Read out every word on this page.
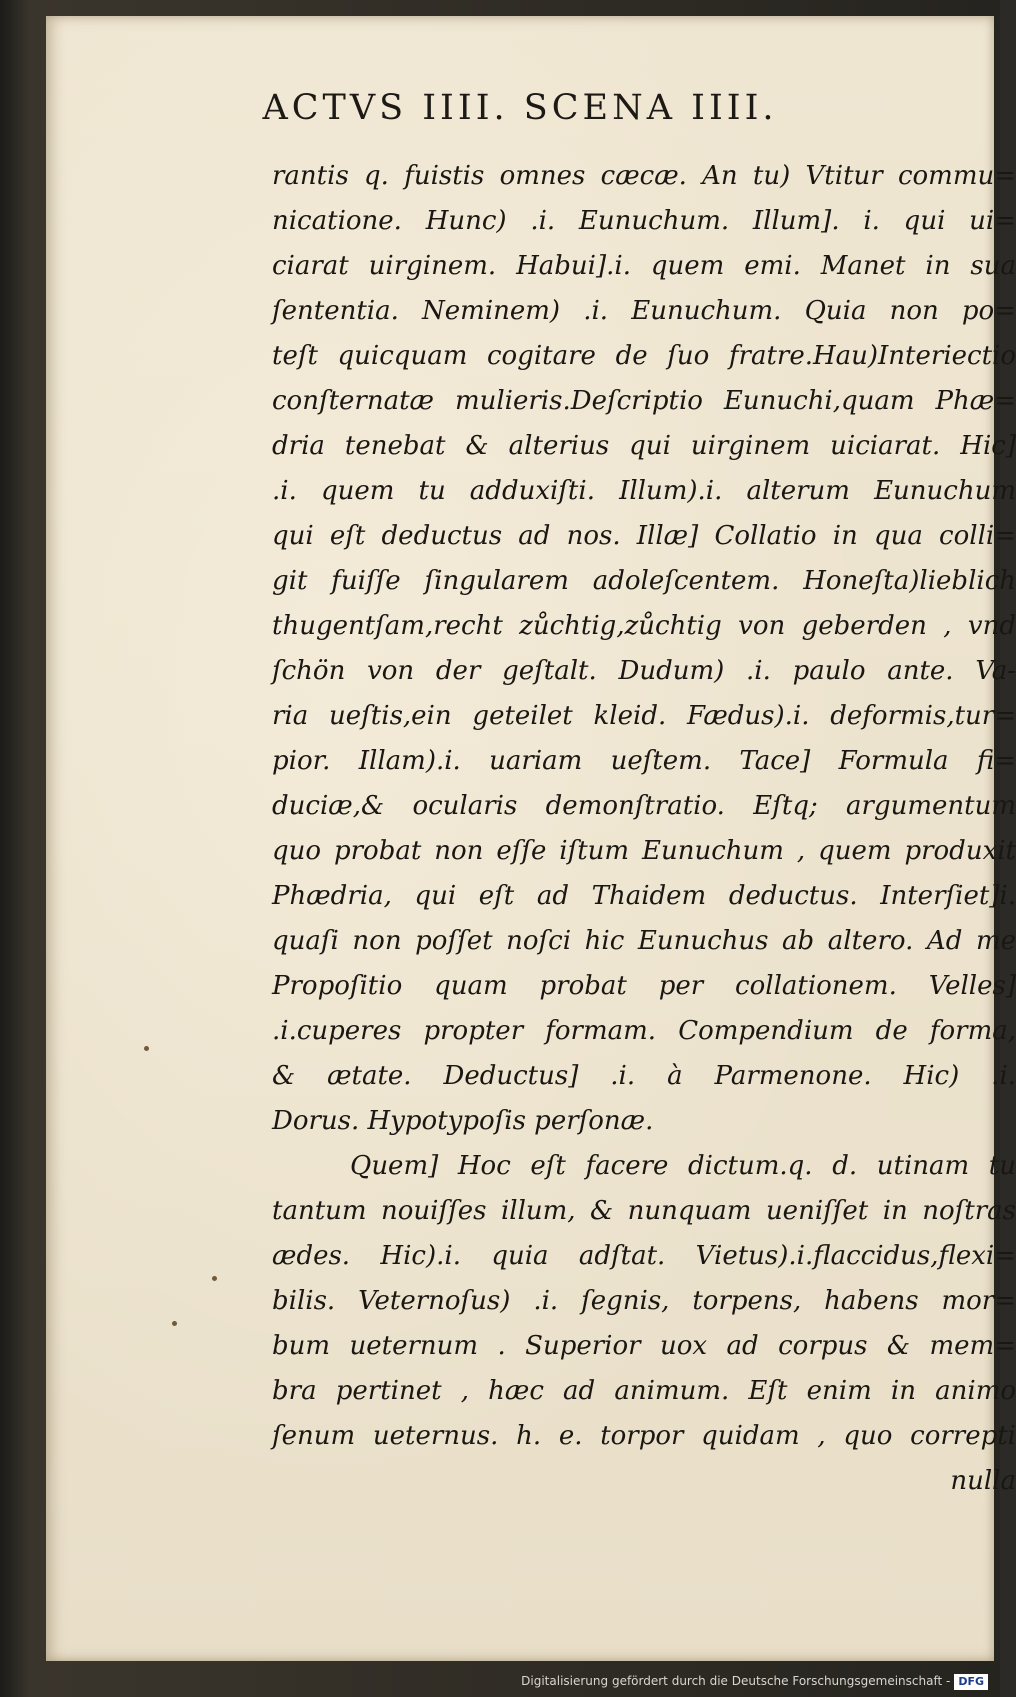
ACTVS IIII. SCENA IIII.
rantis q. fuistis omnes cæcæ. An tu) Vtitur commu=
nicatione. Hunc) .i. Eunuchum. Illum]. i. qui ui=
ciarat uirginem. Habui].i. quem emi. Manet in sua
ſententia. Neminem) .i. Eunuchum. Quia non po=
teſt quicquam cogitare de ſuo fratre.Hau)Interiectio
conſternatæ mulieris.Deſcriptio Eunuchi,quam Phæ=
dria tenebat & alterius qui uirginem uiciarat. Hic]
.i. quem tu adduxiſti. Illum).i. alterum Eunuchum
qui eſt deductus ad nos. Illæ] Collatio in qua colli=
git fuiſſe ſingularem adoleſcentem. Honeſta)lieblich
thugentſam,recht zůchtig,zůchtig von geberden , vnd
ſchön von der geſtalt. Dudum) .i. paulo ante. Va-
ria ueſtis,ein geteilet kleid. Fædus).i. deformis,tur=
pior. Illam).i. uariam ueſtem. Tace] Formula fi=
duciæ,& ocularis demonſtratio. Eſtq; argumentum
quo probat non eſſe iſtum Eunuchum , quem produxit
Phædria, qui eſt ad Thaidem deductus. Interſiet]i.
quaſi non poſſet noſci hic Eunuchus ab altero. Ad me
Propoſitio quam probat per collationem. Velles]
.i.cuperes propter formam. Compendium de forma,
& ætate. Deductus] .i. à Parmenone. Hic) .i.
Dorus. Hypotypoſis perſonæ.
Quem] Hoc eſt facere dictum.q. d. utinam tu
tantum nouiſſes illum, & nunquam ueniſſet in noſtras
ædes. Hic).i. quia adſtat. Vietus).i.flaccidus,flexi=
bilis. Veternoſus) .i. ſegnis, torpens, habens mor=
bum ueternum . Superior uox ad corpus & mem=
bra pertinet , hæc ad animum. Eſt enim in animo
ſenum ueternus. h. e. torpor quidam , quo correpti
nulla
Digitalisierung gefördert durch die Deutsche Forschungsgemeinschaft - DFG
